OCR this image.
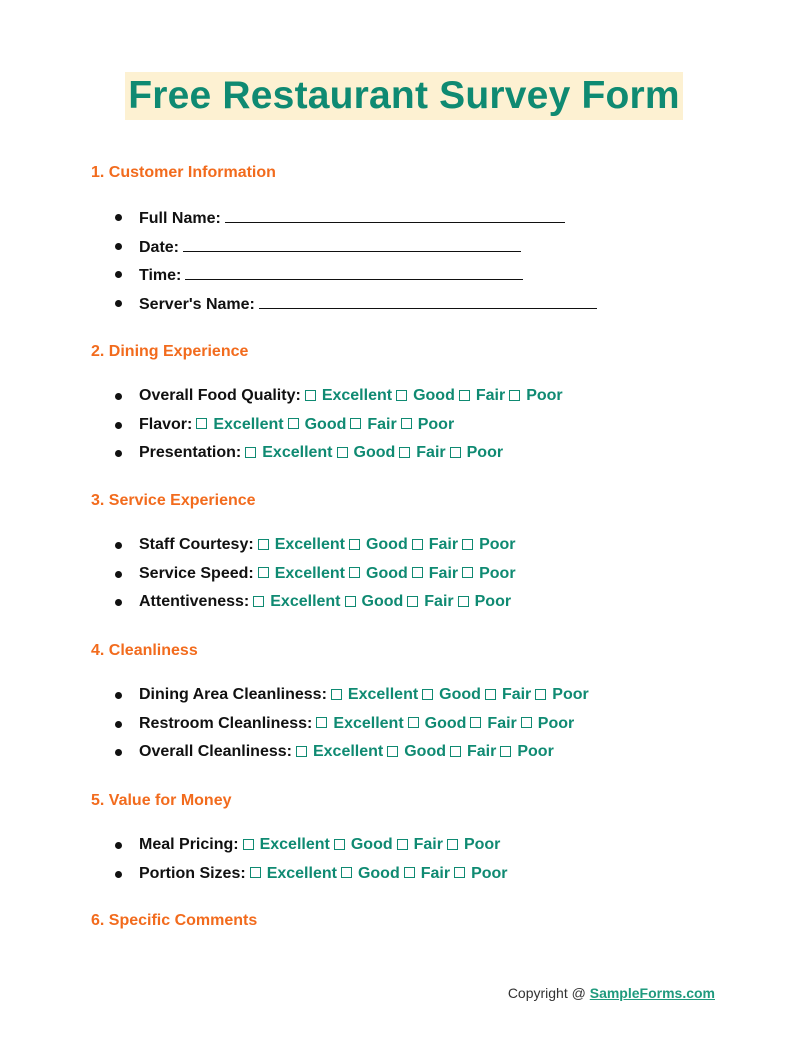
Free Restaurant Survey Form
1. Customer Information
Full Name:
Date:
Time:
Server's Name:
2. Dining Experience
Overall Food Quality: Excellent Good Fair Poor
Flavor: Excellent Good Fair Poor
Presentation: Excellent Good Fair Poor
3. Service Experience
Staff Courtesy: Excellent Good Fair Poor
Service Speed: Excellent Good Fair Poor
Attentiveness: Excellent Good Fair Poor
4. Cleanliness
Dining Area Cleanliness: Excellent Good Fair Poor
Restroom Cleanliness: Excellent Good Fair Poor
Overall Cleanliness: Excellent Good Fair Poor
5. Value for Money
Meal Pricing: Excellent Good Fair Poor
Portion Sizes: Excellent Good Fair Poor
6. Specific Comments
Copyright @ SampleForms.com
